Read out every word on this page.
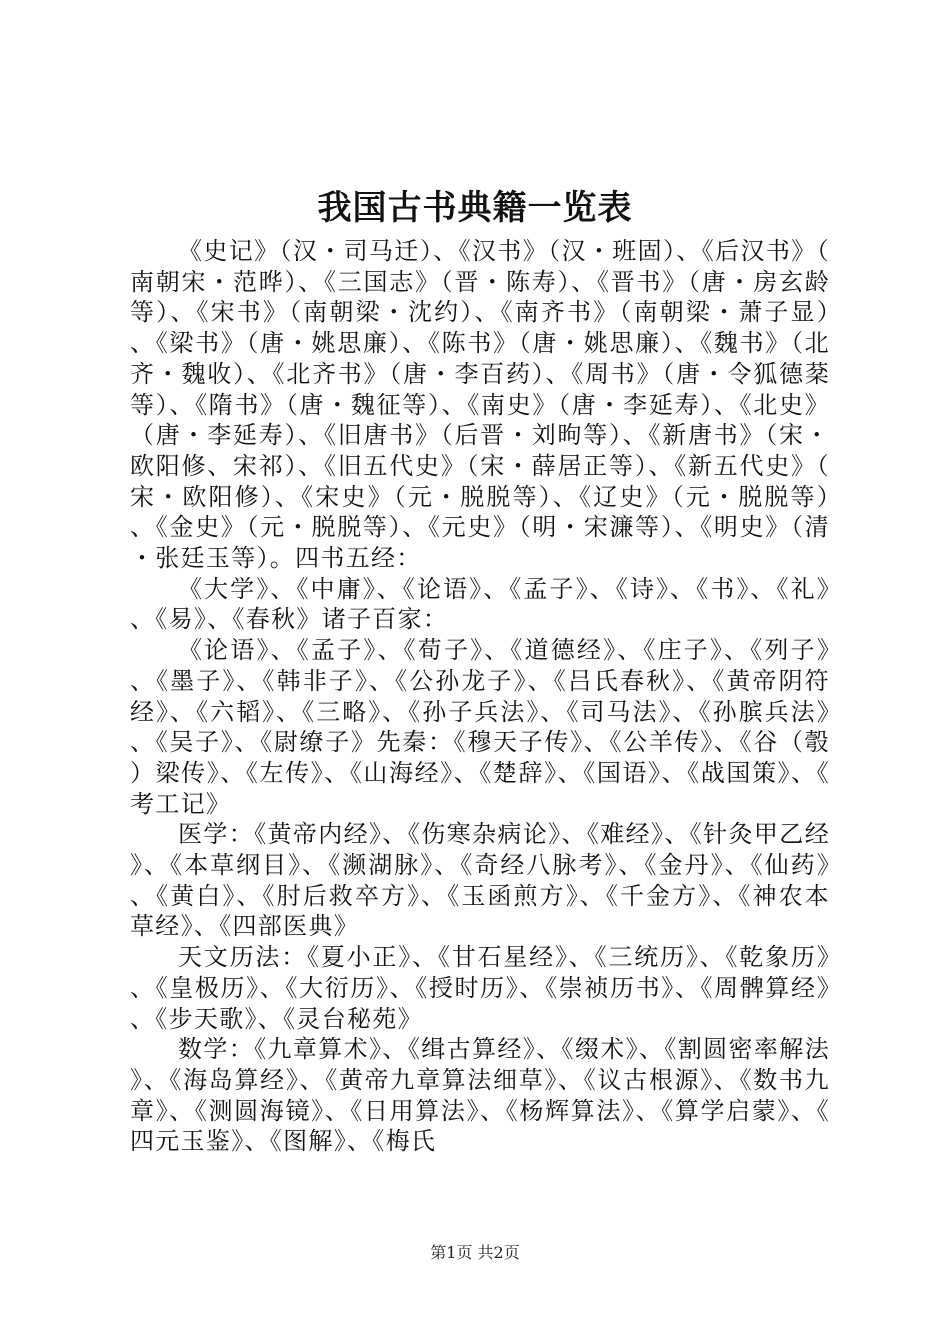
我国古书典籍一览表

《史记》（汉・司马迁）、《汉书》（汉・班固）、《后汉书》（南朝宋・范晔）、《三国志》（晋・陈寿）、《晋书》（唐・房玄龄等）、《宋书》（南朝梁・沈约）、《南齐书》（南朝梁・萧子显）、《梁书》（唐・姚思廉）、《陈书》（唐・姚思廉）、《魏书》（北齐・魏收）、《北齐书》（唐・李百药）、《周书》（唐・令狐德棻等）、《隋书》（唐・魏征等）、《南史》（唐・李延寿）、《北史》（唐・李延寿）、《旧唐书》（后晋・刘昫等）、《新唐书》（宋・欧阳修、宋祁）、《旧五代史》（宋・薛居正等）、《新五代史》（宋・欧阳修）、《宋史》（元・脱脱等）、《辽史》（元・脱脱等）、《金史》（元・脱脱等）、《元史》（明・宋濂等）、《明史》（清・张廷玉等）。四书五经：

《大学》、《中庸》、《论语》、《孟子》、《诗》、《书》、《礼》、《易》、《春秋》诸子百家：

《论语》、《孟子》、《荀子》、《道德经》、《庄子》、《列子》、《墨子》、《韩非子》、《公孙龙子》、《吕氏春秋》、《黄帝阴符经》、《六韬》、《三略》、《孙子兵法》、《司马法》、《孙膑兵法》、《吴子》、《尉缭子》先秦：《穆天子传》、《公羊传》、《谷（彀）梁传》、《左传》、《山海经》、《楚辞》、《国语》、《战国策》、《考工记》

医学：《黄帝内经》、《伤寒杂病论》、《难经》、《针灸甲乙经》、《本草纲目》、《濒湖脉》、《奇经八脉考》、《金丹》、《仙药》、《黄白》、《肘后救卒方》、《玉函煎方》、《千金方》、《神农本草经》、《四部医典》

天文历法：《夏小正》、《甘石星经》、《三统历》、《乾象历》、《皇极历》、《大衍历》、《授时历》、《崇祯历书》、《周髀算经》、《步天歌》、《灵台秘苑》

数学：《九章算术》、《缉古算经》、《缀术》、《割圆密率解法》、《海岛算经》、《黄帝九章算法细草》、《议古根源》、《数书九章》、《测圆海镜》、《日用算法》、《杨辉算法》、《算学启蒙》、《四元玉鉴》、《图解》、《梅氏

第1页 共2页
